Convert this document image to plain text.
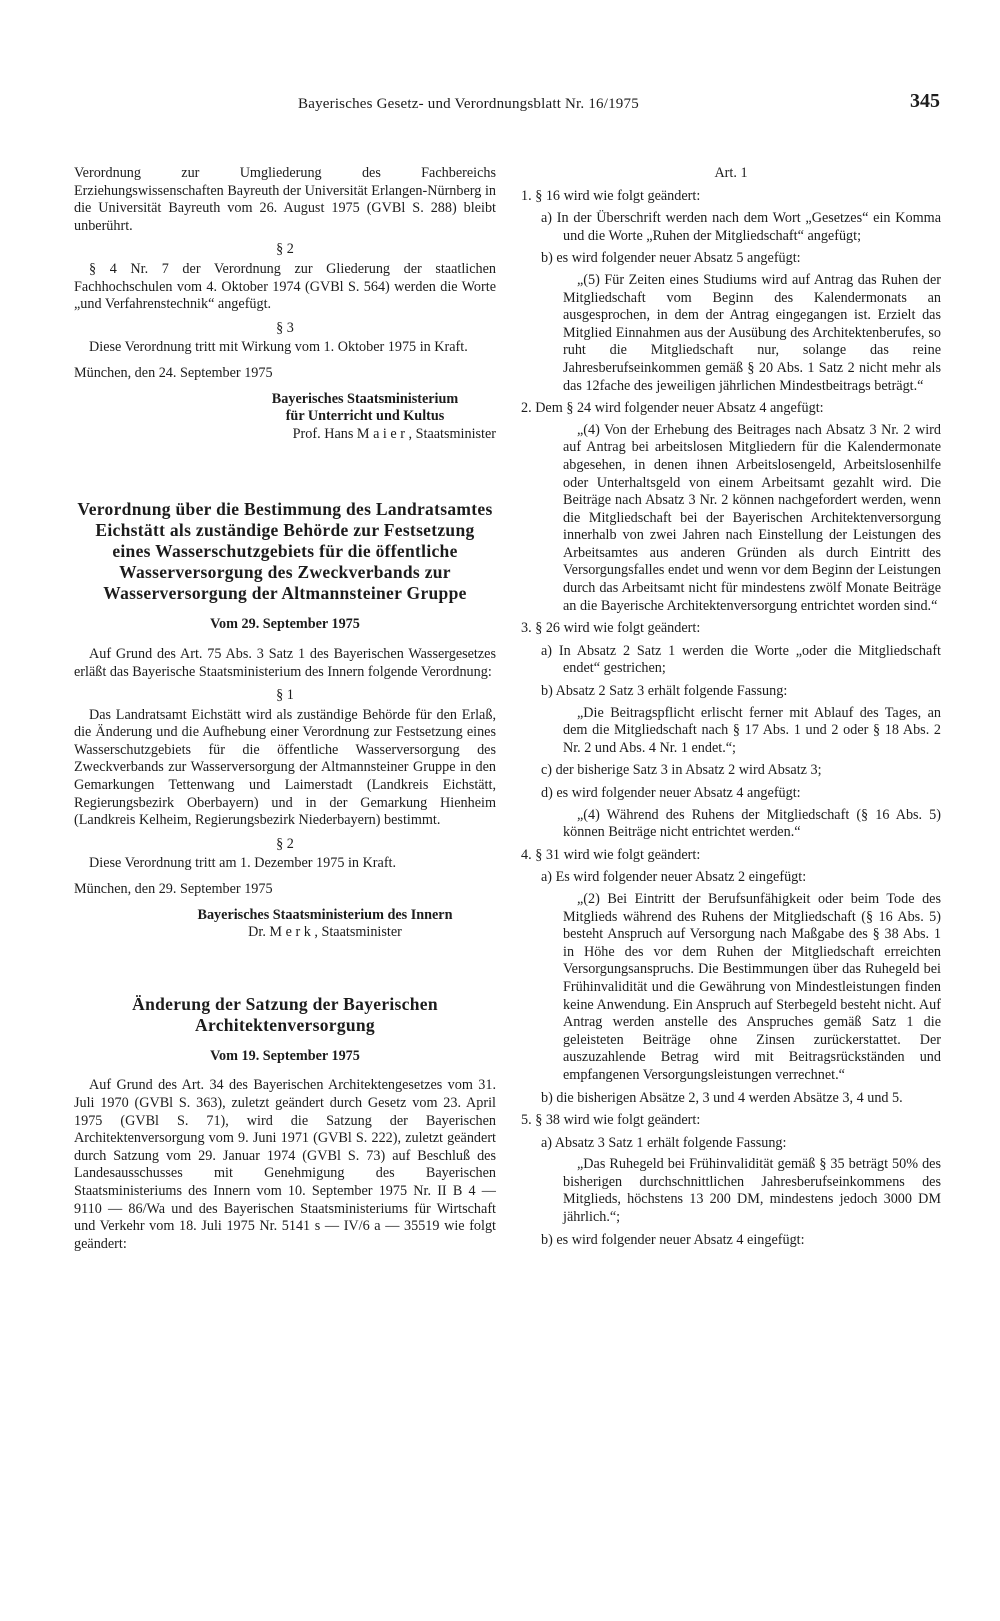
Bayerisches Gesetz- und Verordnungsblatt Nr. 16/1975	345

Verordnung zur Umgliederung des Fachbereichs Erziehungswissenschaften Bayreuth der Universität Erlangen-Nürnberg in die Universität Bayreuth vom 26. August 1975 (GVBl S. 288) bleibt unberührt.

§ 2

§ 4 Nr. 7 der Verordnung zur Gliederung der staatlichen Fachhochschulen vom 4. Oktober 1974 (GVBl S. 564) werden die Worte „und Verfahrenstechnik“ angefügt.

§ 3

Diese Verordnung tritt mit Wirkung vom 1. Oktober 1975 in Kraft.

München, den 24. September 1975

Bayerisches Staatsministerium

für Unterricht und Kultus

Prof. Hans M a i e r , Staatsminister

Verordnung über die Bestimmung des Landratsamtes Eichstätt als zuständige Behörde zur Festsetzung eines Wasserschutzgebiets für die öffentliche Wasserversorgung des Zweckverbands zur Wasserversorgung der Altmannsteiner Gruppe

Vom 29. September 1975

Auf Grund des Art. 75 Abs. 3 Satz 1 des Bayerischen Wassergesetzes erläßt das Bayerische Staatsministerium des Innern folgende Verordnung:

§ 1

Das Landratsamt Eichstätt wird als zuständige Behörde für den Erlaß, die Änderung und die Aufhebung einer Verordnung zur Festsetzung eines Wasserschutzgebiets für die öffentliche Wasserversorgung des Zweckverbands zur Wasserversorgung der Altmannsteiner Gruppe in den Gemarkungen Tettenwang und Laimerstadt (Landkreis Eichstätt, Regierungsbezirk Oberbayern) und in der Gemarkung Hienheim (Landkreis Kelheim, Regierungsbezirk Niederbayern) bestimmt.

§ 2

Diese Verordnung tritt am 1. Dezember 1975 in Kraft.

München, den 29. September 1975

Bayerisches Staatsministerium des Innern

Dr. M e r k , Staatsminister

Änderung der Satzung der Bayerischen Architektenversorgung

Vom 19. September 1975

Auf Grund des Art. 34 des Bayerischen Architektengesetzes vom 31. Juli 1970 (GVBl S. 363), zuletzt geändert durch Gesetz vom 23. April 1975 (GVBl S. 71), wird die Satzung der Bayerischen Architektenversorgung vom 9. Juni 1971 (GVBl S. 222), zuletzt geändert durch Satzung vom 29. Januar 1974 (GVBl S. 73) auf Beschluß des Landesausschusses mit Genehmigung des Bayerischen Staatsministeriums des Innern vom 10. September 1975 Nr. II B 4 — 9110 — 86/Wa und des Bayerischen Staatsministeriums für Wirtschaft und Verkehr vom 18. Juli 1975 Nr. 5141 s — IV/6 a — 35519 wie folgt geändert:

Art. 1

1. § 16 wird wie folgt geändert:

a) In der Überschrift werden nach dem Wort „Gesetzes“ ein Komma und die Worte „Ruhen der Mitgliedschaft“ angefügt;

b) es wird folgender neuer Absatz 5 angefügt:

„(5) Für Zeiten eines Studiums wird auf Antrag das Ruhen der Mitgliedschaft vom Beginn des Kalendermonats an ausgesprochen, in dem der Antrag eingegangen ist. Erzielt das Mitglied Einnahmen aus der Ausübung des Architektenberufes, so ruht die Mitgliedschaft nur, solange das reine Jahresberufseinkommen gemäß § 20 Abs. 1 Satz 2 nicht mehr als das 12fache des jeweiligen jährlichen Mindestbeitrags beträgt.“

2. Dem § 24 wird folgender neuer Absatz 4 angefügt:

„(4) Von der Erhebung des Beitrages nach Absatz 3 Nr. 2 wird auf Antrag bei arbeitslosen Mitgliedern für die Kalendermonate abgesehen, in denen ihnen Arbeitslosengeld, Arbeitslosenhilfe oder Unterhaltsgeld von einem Arbeitsamt gezahlt wird. Die Beiträge nach Absatz 3 Nr. 2 können nachgefordert werden, wenn die Mitgliedschaft bei der Bayerischen Architektenversorgung innerhalb von zwei Jahren nach Einstellung der Leistungen des Arbeitsamtes aus anderen Gründen als durch Eintritt des Versorgungsfalles endet und wenn vor dem Beginn der Leistungen durch das Arbeitsamt nicht für mindestens zwölf Monate Beiträge an die Bayerische Architektenversorgung entrichtet worden sind.“

3. § 26 wird wie folgt geändert:

a) In Absatz 2 Satz 1 werden die Worte „oder die Mitgliedschaft endet“ gestrichen;

b) Absatz 2 Satz 3 erhält folgende Fassung:

„Die Beitragspflicht erlischt ferner mit Ablauf des Tages, an dem die Mitgliedschaft nach § 17 Abs. 1 und 2 oder § 18 Abs. 2 Nr. 2 und Abs. 4 Nr. 1 endet.“;

c) der bisherige Satz 3 in Absatz 2 wird Absatz 3;

d) es wird folgender neuer Absatz 4 angefügt:

„(4) Während des Ruhens der Mitgliedschaft (§ 16 Abs. 5) können Beiträge nicht entrichtet werden.“

4. § 31 wird wie folgt geändert:

a) Es wird folgender neuer Absatz 2 eingefügt:

„(2) Bei Eintritt der Berufsunfähigkeit oder beim Tode des Mitglieds während des Ruhens der Mitgliedschaft (§ 16 Abs. 5) besteht Anspruch auf Versorgung nach Maßgabe des § 38 Abs. 1 in Höhe des vor dem Ruhen der Mitgliedschaft erreichten Versorgungsanspruchs. Die Bestimmungen über das Ruhegeld bei Frühinvalidität und die Gewährung von Mindestleistungen finden keine Anwendung. Ein Anspruch auf Sterbegeld besteht nicht. Auf Antrag werden anstelle des Anspruches gemäß Satz 1 die geleisteten Beiträge ohne Zinsen zurückerstattet. Der auszuzahlende Betrag wird mit Beitragsrückständen und empfangenen Versorgungsleistungen verrechnet.“

b) die bisherigen Absätze 2, 3 und 4 werden Absätze 3, 4 und 5.

5. § 38 wird wie folgt geändert:

a) Absatz 3 Satz 1 erhält folgende Fassung:

„Das Ruhegeld bei Frühinvalidität gemäß § 35 beträgt 50% des bisherigen durchschnittlichen Jahresberufseinkommens des Mitglieds, höchstens 13 200 DM, mindestens jedoch 3000 DM jährlich.“;

b) es wird folgender neuer Absatz 4 eingefügt:
